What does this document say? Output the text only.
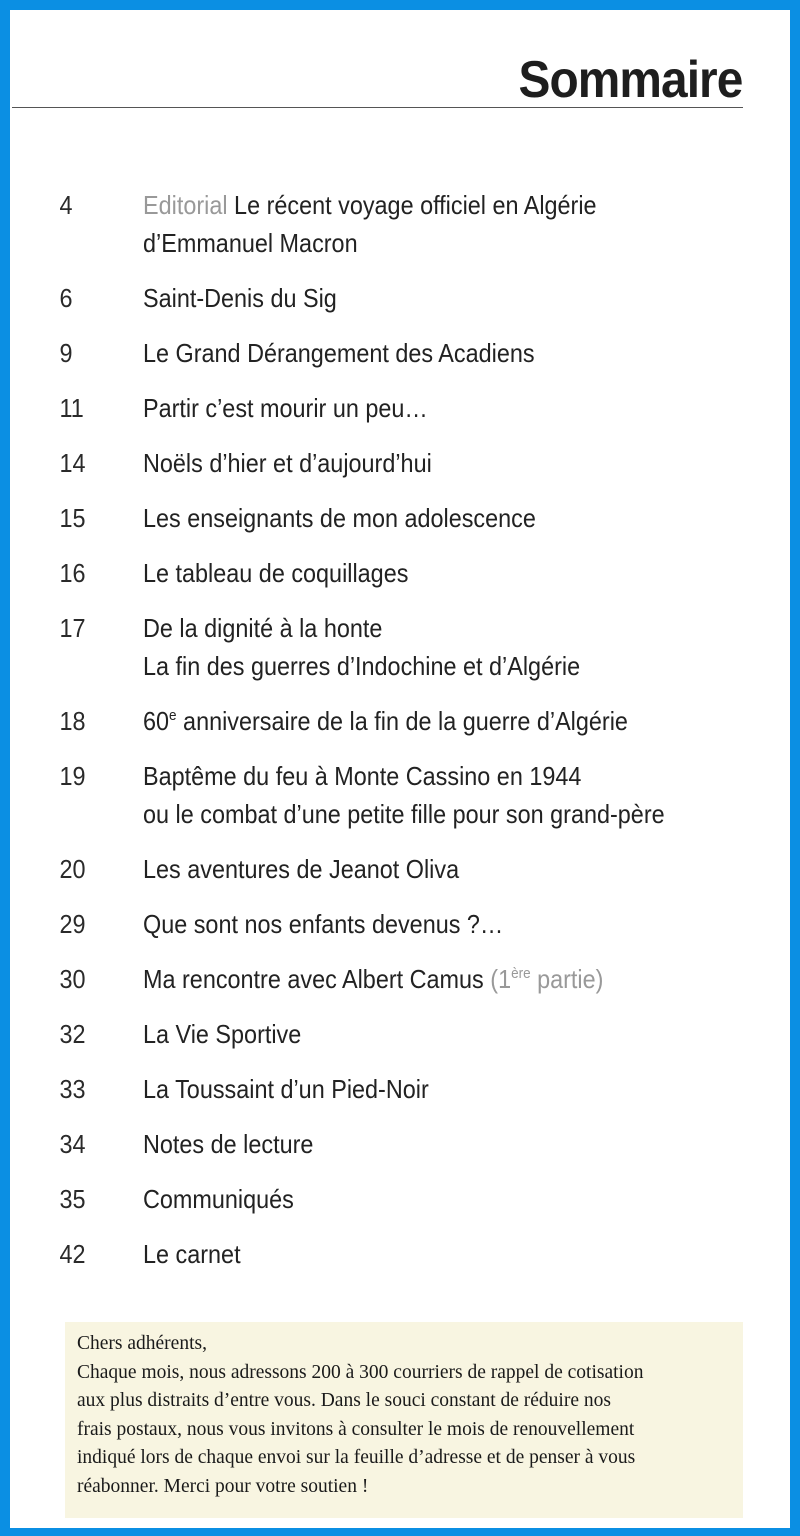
Sommaire
4	Editorial Le récent voyage officiel en Algérie
d’Emmanuel Macron
6	Saint-Denis du Sig
9	Le Grand Dérangement des Acadiens
11	Partir c’est mourir un peu…
14	Noëls d’hier et d’aujourd’hui
15	Les enseignants de mon adolescence
16	Le tableau de coquillages
17	De la dignité à la honte
La fin des guerres d’Indochine et d’Algérie
18	60e anniversaire de la fin de la guerre d’Algérie
19	Baptême du feu à Monte Cassino en 1944
ou le combat d’une petite fille pour son grand-père
20	Les aventures de Jeanot Oliva
29	Que sont nos enfants devenus ?…
30	Ma rencontre avec Albert Camus (1ère partie)
32	La Vie Sportive
33	La Toussaint d’un Pied-Noir
34	Notes de lecture
35	Communiqués
42	Le carnet

Chers adhérents,

Chaque mois, nous adressons 200 à 300 courriers de rappel de cotisation

aux plus distraits d’entre vous. Dans le souci constant de réduire nos

frais postaux, nous vous invitons à consulter le mois de renouvellement

indiqué lors de chaque envoi sur la feuille d’adresse et de penser à vous

réabonner. Merci pour votre soutien !
